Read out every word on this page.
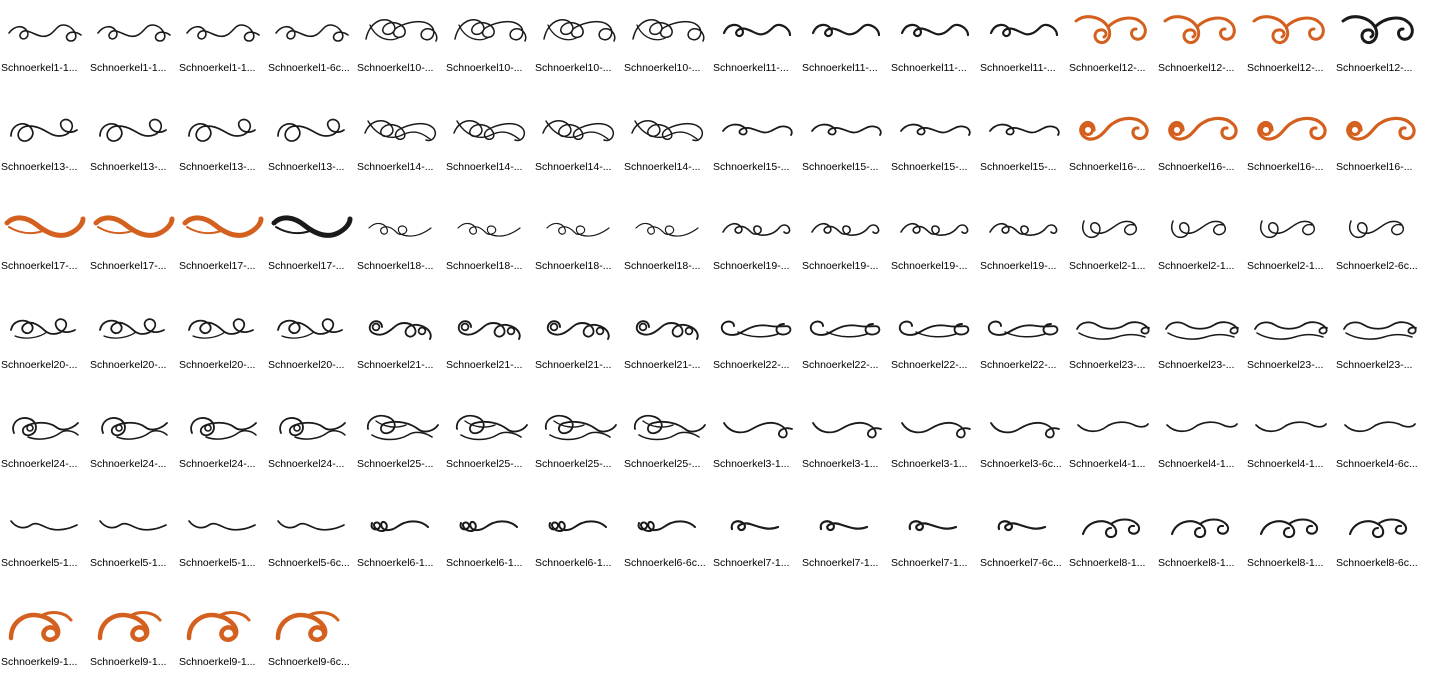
Schnoerkel1-1...	Schnoerkel1-1...	Schnoerkel1-1...	Schnoerkel1-6c... Schnoerkel10-...	Schnoerkel10-...	Schnoerkel10-...	Schnoerkel10-...	Schnoerkel11-...	Schnoerkel11-...	Schnoerkel11-...	Schnoerkel11-...	Schnoerkel12-...	Schnoerkel12-...	Schnoerkel12-...	Schnoerkel12-...
Schnoerkel13-...	Schnoerkel13-...	Schnoerkel13-...	Schnoerkel13-...	Schnoerkel14-...	Schnoerkel14-...	Schnoerkel14-...	Schnoerkel14-...	Schnoerkel15-...	Schnoerkel15-...	Schnoerkel15-...	Schnoerkel15-...	Schnoerkel16-...	Schnoerkel16-...	Schnoerkel16-...	Schnoerkel16-...
Schnoerkel17-...	Schnoerkel17-...	Schnoerkel17-...	Schnoerkel17-...	Schnoerkel18-...	Schnoerkel18-...	Schnoerkel18-...	Schnoerkel18-...	Schnoerkel19-...	Schnoerkel19-...	Schnoerkel19-...	Schnoerkel19-...	Schnoerkel2-1...	Schnoerkel2-1...	Schnoerkel2-1...	Schnoerkel2-6c...
Schnoerkel20-...	Schnoerkel20-...	Schnoerkel20-...	Schnoerkel20-...	Schnoerkel21-...	Schnoerkel21-...	Schnoerkel21-...	Schnoerkel21-...	Schnoerkel22-...	Schnoerkel22-...	Schnoerkel22-...	Schnoerkel22-...	Schnoerkel23-...	Schnoerkel23-...	Schnoerkel23-...	Schnoerkel23-...
Schnoerkel24-...	Schnoerkel24-...	Schnoerkel24-...	Schnoerkel24-...	Schnoerkel25-...	Schnoerkel25-...	Schnoerkel25-...	Schnoerkel25-...	Schnoerkel3-1...	Schnoerkel3-1...	Schnoerkel3-1...	Schnoerkel3-6c... Schnoerkel4-1...	Schnoerkel4-1...	Schnoerkel4-1...	Schnoerkel4-6c...
Schnoerkel5-1...	Schnoerkel5-1...	Schnoerkel5-1...	Schnoerkel5-6c... Schnoerkel6-1...	Schnoerkel6-1...	Schnoerkel6-1...	Schnoerkel6-6c... Schnoerkel7-1...	Schnoerkel7-1...	Schnoerkel7-1...	Schnoerkel7-6c... Schnoerkel8-1...	Schnoerkel8-1...	Schnoerkel8-1...	Schnoerkel8-6c...
Schnoerkel9-1...	Schnoerkel9-1...	Schnoerkel9-1...	Schnoerkel9-6c...
